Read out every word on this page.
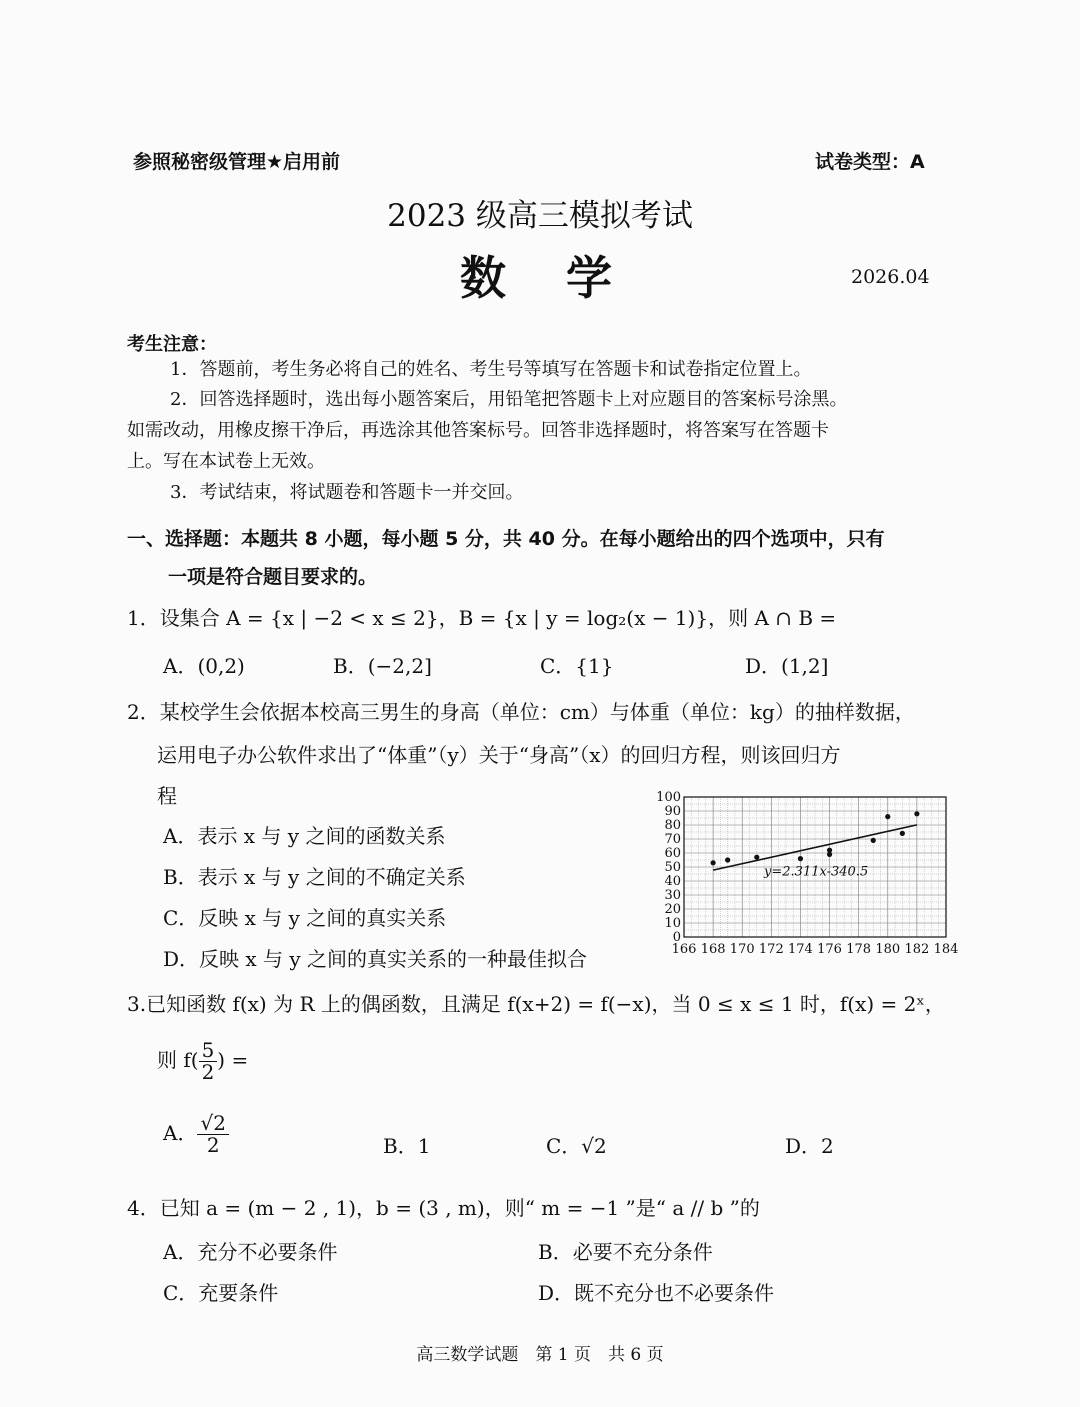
参照秘密级管理★启用前	试卷类型：A
2023 级高三模拟考试
数学	2026.04
考生注意：
1．答题前，考生务必将自己的姓名、考生号等填写在答题卡和试卷指定位置上。
2．回答选择题时，选出每小题答案后，用铅笔把答题卡上对应题目的答案标号涂黑。
如需改动，用橡皮擦干净后，再选涂其他答案标号。回答非选择题时，将答案写在答题卡
上。写在本试卷上无效。
3．考试结束，将试题卷和答题卡一并交回。
一、选择题：本题共 8 小题，每小题 5 分，共 40 分。在每小题给出的四个选项中，只有
一项是符合题目要求的。
1．设集合 A = {x | −2 < x ≤ 2}，B = {x | y = log₂(x − 1)}，则 A ∩ B =
A．(0,2)	B．(−2,2]	C．{1}	D．(1,2]
2．某校学生会依据本校高三男生的身高（单位：cm）与体重（单位：kg）的抽样数据，
运用电子办公软件求出了“体重”（y）关于“身高”（x）的回归方程，则该回归方
程
A．表示 x 与 y 之间的函数关系
B．表示 x 与 y 之间的不确定关系
C．反映 x 与 y 之间的真实关系
D．反映 x 与 y 之间的真实关系的一种最佳拟合
0
10
20
30
40
50
60
70
80
90
100
166 168 170 172 174 176 178 180 182 184
y=2.311x-340.5
3.已知函数 f(x) 为 R 上的偶函数，且满足 f(x+2) = f(−x)，当 0 ≤ x ≤ 1 时，f(x) = 2ˣ，
则 $f( \frac{5}{2}$ ) =
A． $\frac{√2}{2}$	B．1	C．√2	D．2
4．已知 a = (m − 2 , 1)，b = (3 , m)，则“ m = −1 ”是“ a // b ”的
A．充分不必要条件	B．必要不充分条件
C．充要条件	D．既不充分也不必要条件
高三数学试题　第 1 页　共 6 页
